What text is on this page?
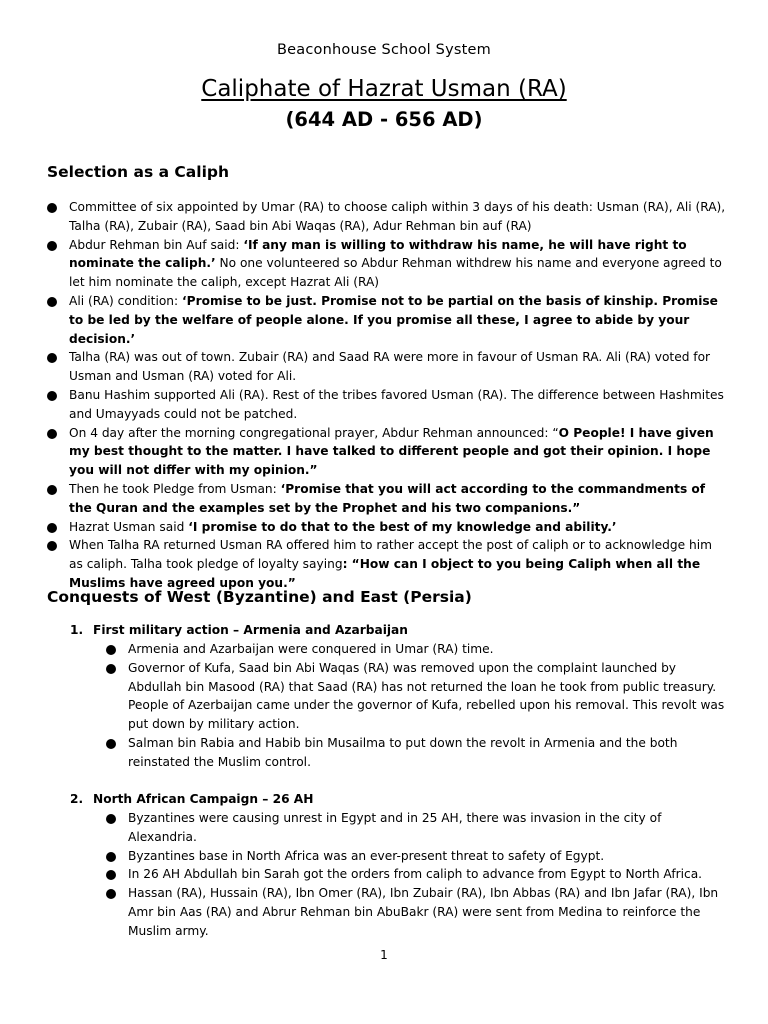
Beaconhouse School System
Caliphate of Hazrat Usman (RA)
(644 AD - 656 AD)
Selection as a Caliph
Committee of six appointed by Umar (RA) to choose caliph within 3 days of his death: Usman (RA), Ali (RA), Talha (RA), Zubair (RA), Saad bin Abi Waqas (RA), Adur Rehman bin auf (RA)
Abdur Rehman bin Auf said: ‘If any man is willing to withdraw his name, he will have right to nominate the caliph.’ No one volunteered so Abdur Rehman withdrew his name and everyone agreed to let him nominate the caliph, except Hazrat Ali (RA)
Ali (RA) condition: ‘Promise to be just. Promise not to be partial on the basis of kinship. Promise to be led by the welfare of people alone. If you promise all these, I agree to abide by your decision.’
Talha (RA) was out of town. Zubair (RA) and Saad RA were more in favour of Usman RA. Ali (RA) voted for Usman and Usman (RA) voted for Ali.
Banu Hashim supported Ali (RA). Rest of the tribes favored Usman (RA). The difference between Hashmites and Umayyads could not be patched.
On 4 day after the morning congregational prayer, Abdur Rehman announced: “O People! I have given my best thought to the matter. I have talked to different people and got their opinion. I hope you will not differ with my opinion.”
Then he took Pledge from Usman: ‘Promise that you will act according to the commandments of the Quran and the examples set by the Prophet and his two companions.”
Hazrat Usman said ‘I promise to do that to the best of my knowledge and ability.’
When Talha RA returned Usman RA offered him to rather accept the post of caliph or to acknowledge him as caliph. Talha took pledge of loyalty saying: “How can I object to you being Caliph when all the Muslims have agreed upon you.”
Conquests of West (Byzantine) and East (Persia)
1. First military action – Armenia and Azarbaijan
Armenia and Azarbaijan were conquered in Umar (RA) time.
Governor of Kufa, Saad bin Abi Waqas (RA) was removed upon the complaint launched by Abdullah bin Masood (RA) that Saad (RA) has not returned the loan he took from public treasury. People of Azerbaijan came under the governor of Kufa, rebelled upon his removal. This revolt was put down by military action.
Salman bin Rabia and Habib bin Musailma to put down the revolt in Armenia and the both reinstated the Muslim control.
2. North African Campaign – 26 AH
Byzantines were causing unrest in Egypt and in 25 AH, there was invasion in the city of Alexandria.
Byzantines base in North Africa was an ever-present threat to safety of Egypt.
In 26 AH Abdullah bin Sarah got the orders from caliph to advance from Egypt to North Africa.
Hassan (RA), Hussain (RA), Ibn Omer (RA), Ibn Zubair (RA), Ibn Abbas (RA) and Ibn Jafar (RA), Ibn Amr bin Aas (RA) and Abrur Rehman bin AbuBakr (RA) were sent from Medina to reinforce the Muslim army.
1
